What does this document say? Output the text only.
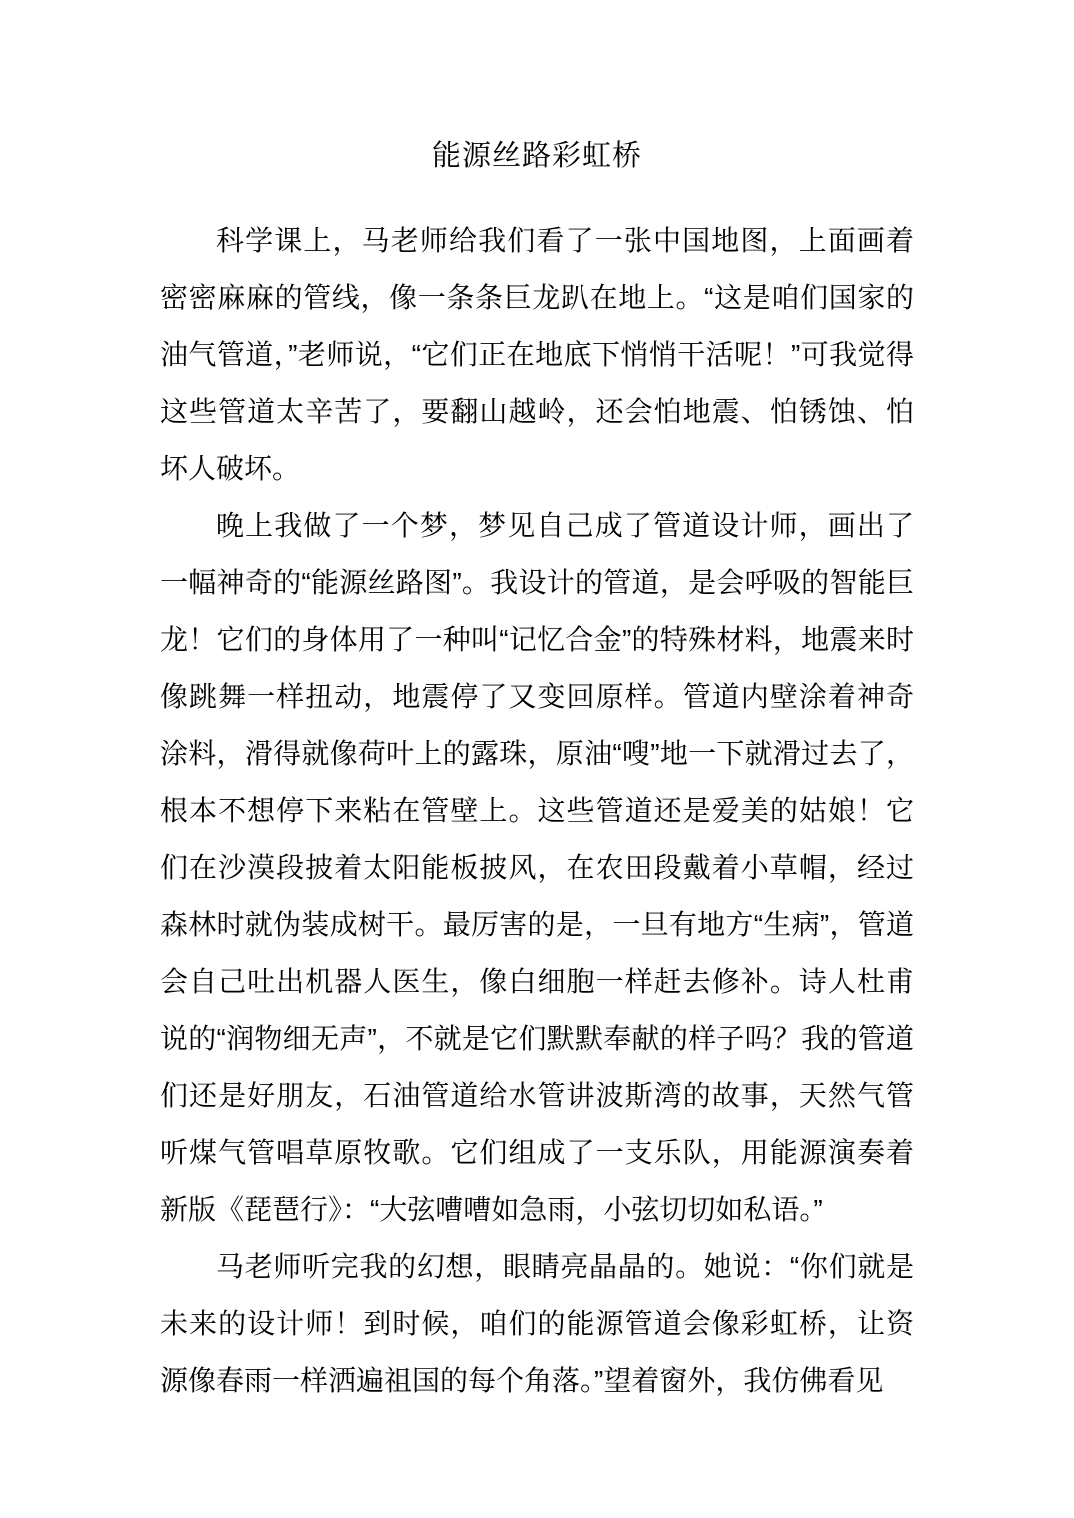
能源丝路彩虹桥

科学课上，马老师给我们看了一张中国地图，上面画着密密麻麻的管线，像一条条巨龙趴在地上。“这是咱们国家的油气管道，”老师说，“它们正在地底下悄悄干活呢！”可我觉得这些管道太辛苦了，要翻山越岭，还会怕地震、怕锈蚀、怕坏人破坏。

晚上我做了一个梦，梦见自己成了管道设计师，画出了一幅神奇的“能源丝路图”。我设计的管道，是会呼吸的智能巨龙！它们的身体用了一种叫“记忆合金”的特殊材料，地震来时像跳舞一样扭动，地震停了又变回原样。管道内壁涂着神奇涂料，滑得就像荷叶上的露珠，原油“嗖”地一下就滑过去了，根本不想停下来粘在管壁上。这些管道还是爱美的姑娘！它们在沙漠段披着太阳能板披风，在农田段戴着小草帽，经过森林时就伪装成树干。最厉害的是，一旦有地方“生病”，管道会自己吐出机器人医生，像白细胞一样赶去修补。诗人杜甫说的“润物细无声”，不就是它们默默奉献的样子吗？我的管道们还是好朋友，石油管道给水管讲波斯湾的故事，天然气管听煤气管唱草原牧歌。它们组成了一支乐队，用能源演奏着新版《琵琶行》：“大弦嘈嘈如急雨，小弦切切如私语。”

马老师听完我的幻想，眼睛亮晶晶的。她说：“你们就是未来的设计师！到时候，咱们的能源管道会像彩虹桥，让资源像春雨一样洒遍祖国的每个角落。”望着窗外，我仿佛看见
